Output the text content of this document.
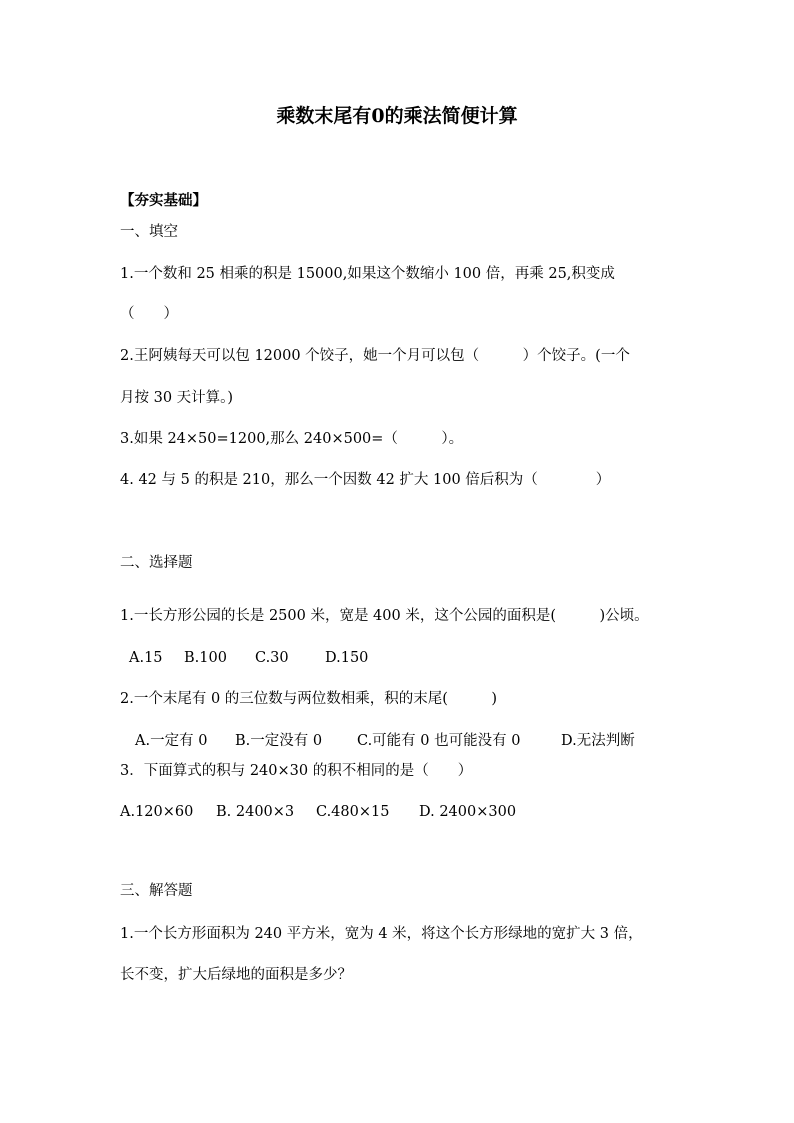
乘数末尾有0的乘法简便计算
【夯实基础】
一、填空
1.一个数和 25 相乘的积是 15000,如果这个数缩小 100 倍，再乘 25,积变成
（　　）
2.王阿姨每天可以包 12000 个饺子，她一个月可以包（　　　）个饺子。(一个
月按 30 天计算。)
3.如果 24×50=1200,那么 240×500=（　　　）。
4. 42 与 5 的积是 210，那么一个因数 42 扩大 100 倍后积为（　　　　）
二、选择题
1.一长方形公园的长是 2500 米，宽是 400 米，这个公园的面积是(　　　)公顷。
A.15 B.100 C.30	D.150
2.一个末尾有 0 的三位数与两位数相乘，积的末尾(　　　)
A.一定有 0 B.一定没有 0 C.可能有 0 也可能没有 0	D.无法判断
3．下面算式的积与 240×30 的积不相同的是（　　）
A.120×60 B. 2400×3 C.480×15 D. 2400×300
三、解答题
1.一个长方形面积为 240 平方米，宽为 4 米，将这个长方形绿地的宽扩大 3 倍，
长不变，扩大后绿地的面积是多少？
